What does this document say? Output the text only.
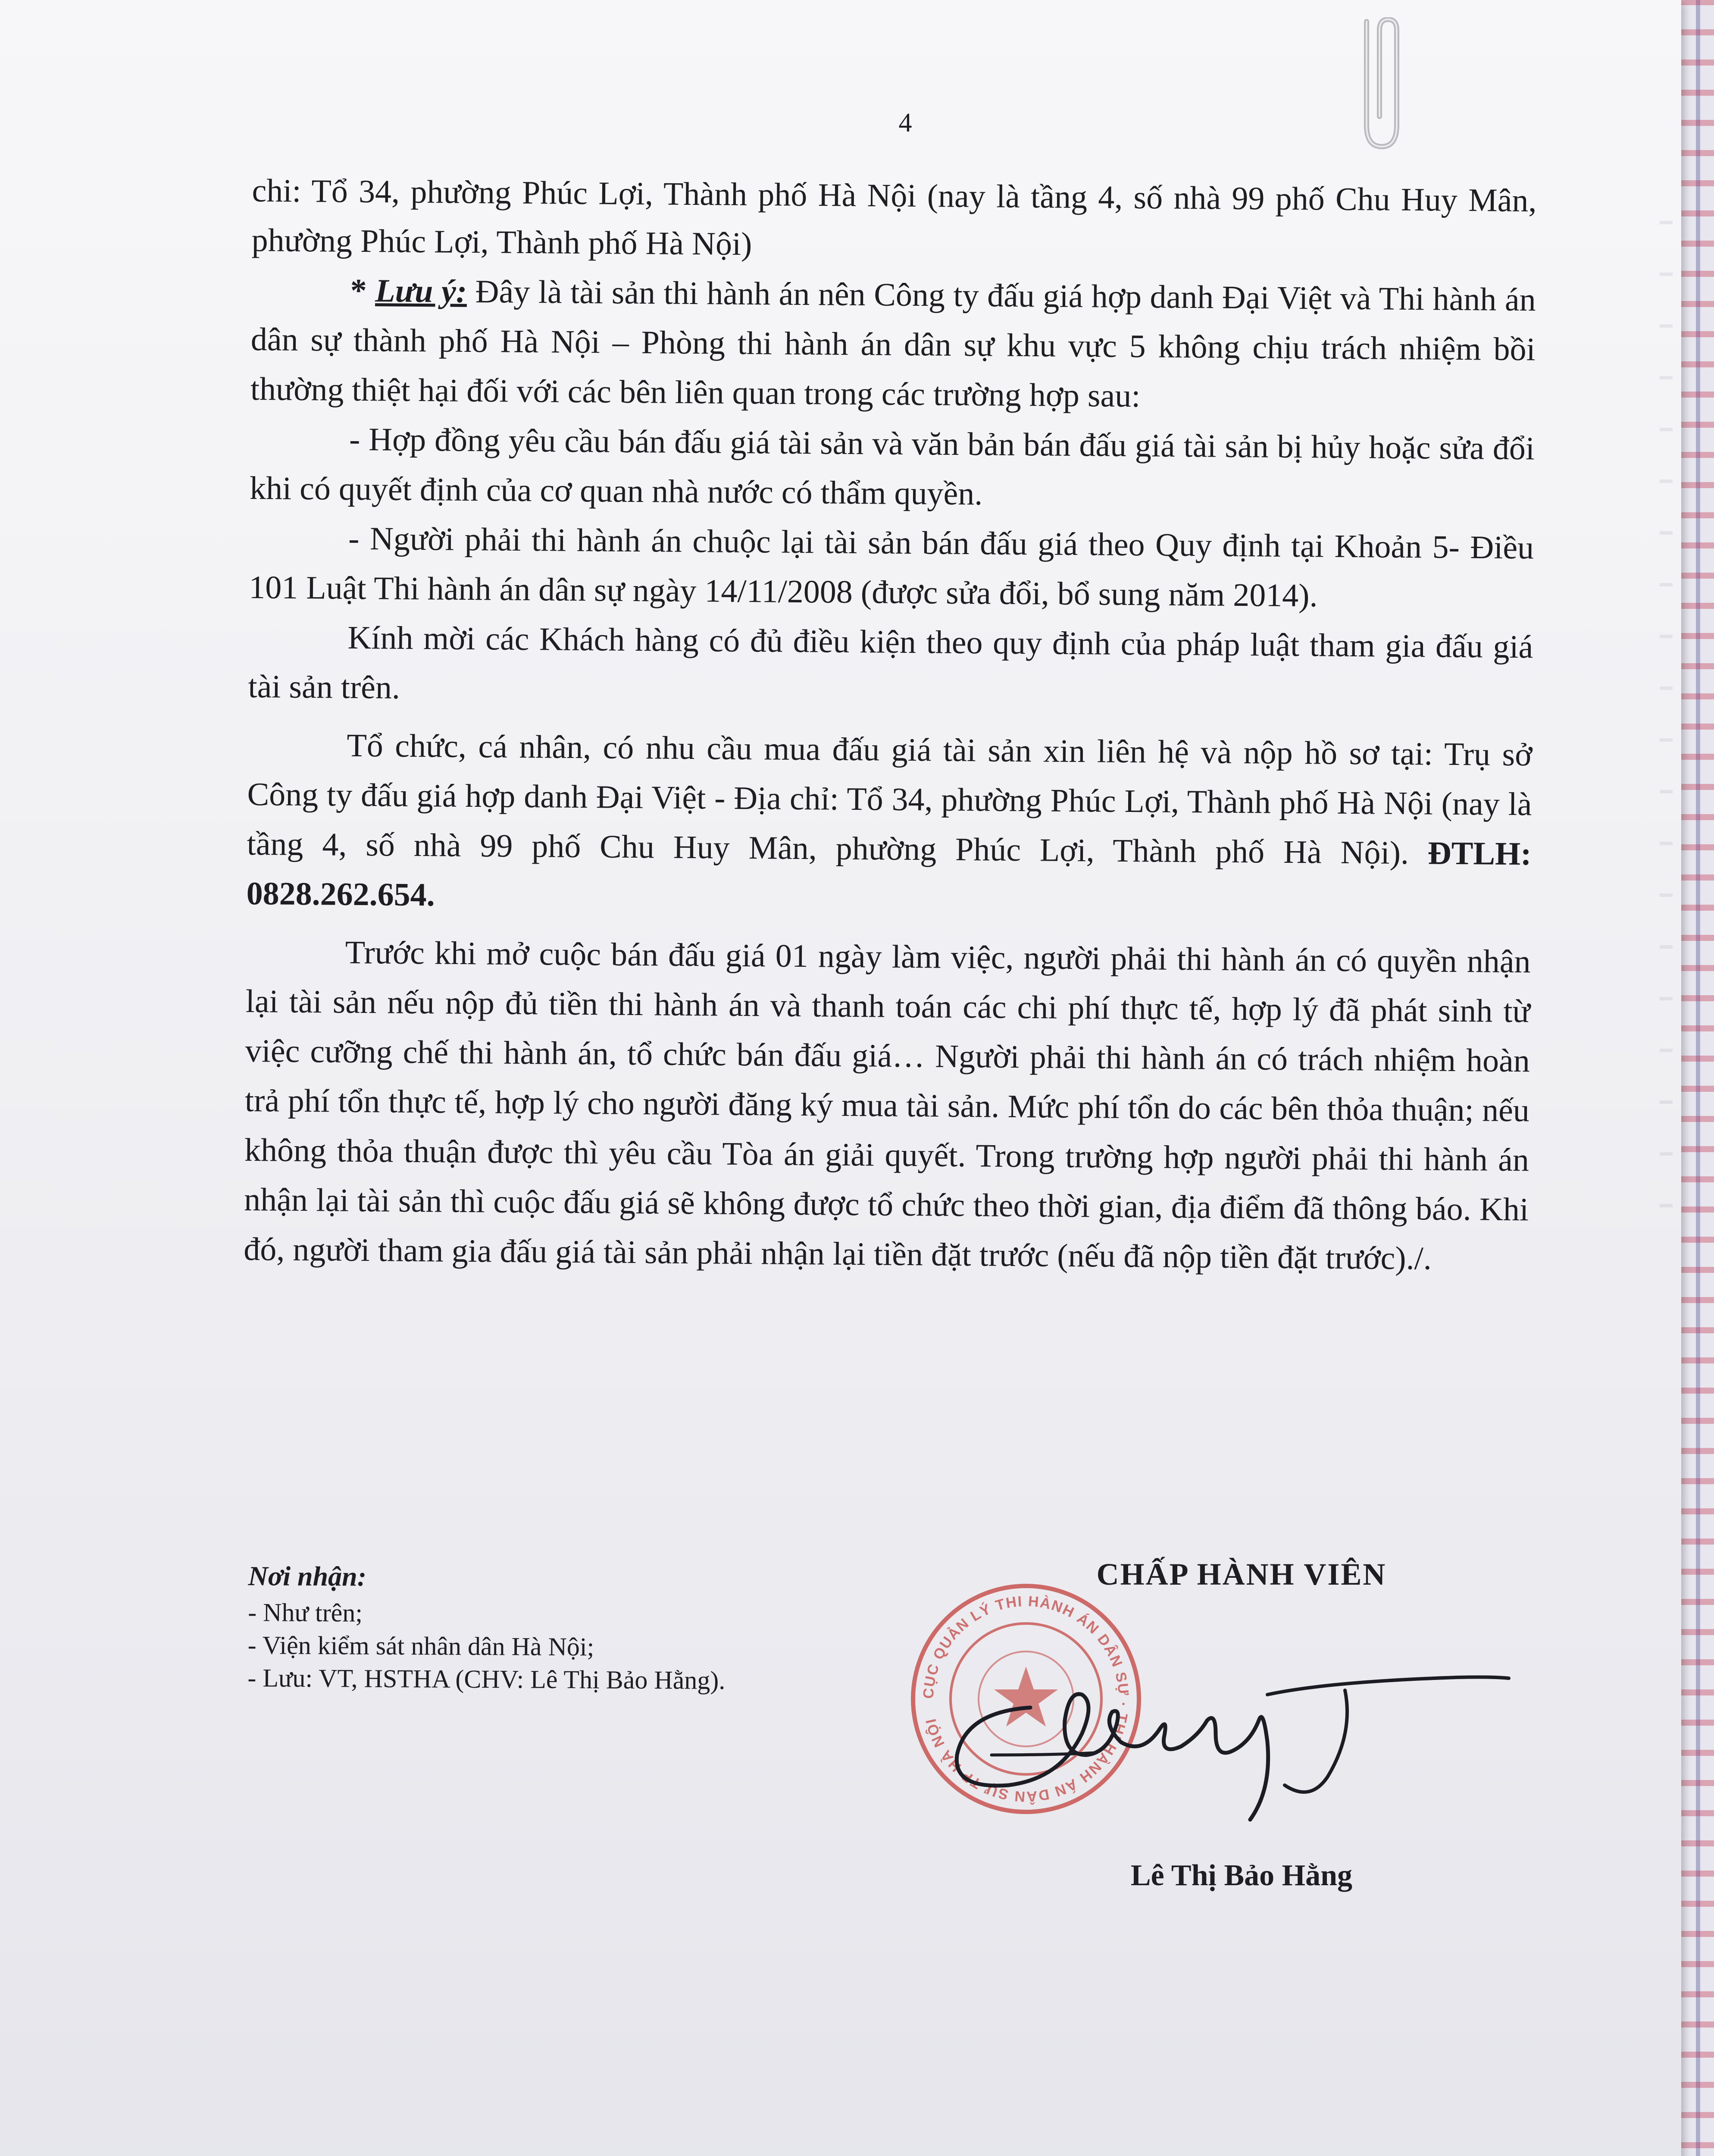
4

chi: Tổ 34, phường Phúc Lợi, Thành phố Hà Nội (nay là tầng 4, số nhà 99 phố Chu Huy Mân, phường Phúc Lợi, Thành phố Hà Nội)

* Lưu ý: Đây là tài sản thi hành án nên Công ty đấu giá hợp danh Đại Việt và Thi hành án dân sự thành phố Hà Nội – Phòng thi hành án dân sự khu vực 5 không chịu trách nhiệm bồi thường thiệt hại đối với các bên liên quan trong các trường hợp sau:

- Hợp đồng yêu cầu bán đấu giá tài sản và văn bản bán đấu giá tài sản bị hủy hoặc sửa đổi khi có quyết định của cơ quan nhà nước có thẩm quyền.

- Người phải thi hành án chuộc lại tài sản bán đấu giá theo Quy định tại Khoản 5- Điều 101 Luật Thi hành án dân sự ngày 14/11/2008 (được sửa đổi, bổ sung năm 2014).

Kính mời các Khách hàng có đủ điều kiện theo quy định của pháp luật tham gia đấu giá tài sản trên.

Tổ chức, cá nhân, có nhu cầu mua đấu giá tài sản xin liên hệ và nộp hồ sơ tại: Trụ sở Công ty đấu giá hợp danh Đại Việt - Địa chỉ: Tổ 34, phường Phúc Lợi, Thành phố Hà Nội (nay là tầng 4, số nhà 99 phố Chu Huy Mân, phường Phúc Lợi, Thành phố Hà Nội). ĐTLH: 0828.262.654.

Trước khi mở cuộc bán đấu giá 01 ngày làm việc, người phải thi hành án có quyền nhận lại tài sản nếu nộp đủ tiền thi hành án và thanh toán các chi phí thực tế, hợp lý đã phát sinh từ việc cưỡng chế thi hành án, tổ chức bán đấu giá… Người phải thi hành án có trách nhiệm hoàn trả phí tổn thực tế, hợp lý cho người đăng ký mua tài sản. Mức phí tổn do các bên thỏa thuận; nếu không thỏa thuận được thì yêu cầu Tòa án giải quyết. Trong trường hợp người phải thi hành án nhận lại tài sản thì cuộc đấu giá sẽ không được tổ chức theo thời gian, địa điểm đã thông báo. Khi đó, người tham gia đấu giá tài sản phải nhận lại tiền đặt trước (nếu đã nộp tiền đặt trước)./.

Nơi nhận:
- Như trên;
- Viện kiểm sát nhân dân Hà Nội;
- Lưu: VT, HSTHA (CHV: Lê Thị Bảo Hằng).	CỤC QUẢN LÝ THI HÀNH ÁN DÂN SỰ · THI HÀNH ÁN DÂN SỰ TP HÀ NỘI
CHẤP HÀNH VIÊN
Lê Thị Bảo Hằng
